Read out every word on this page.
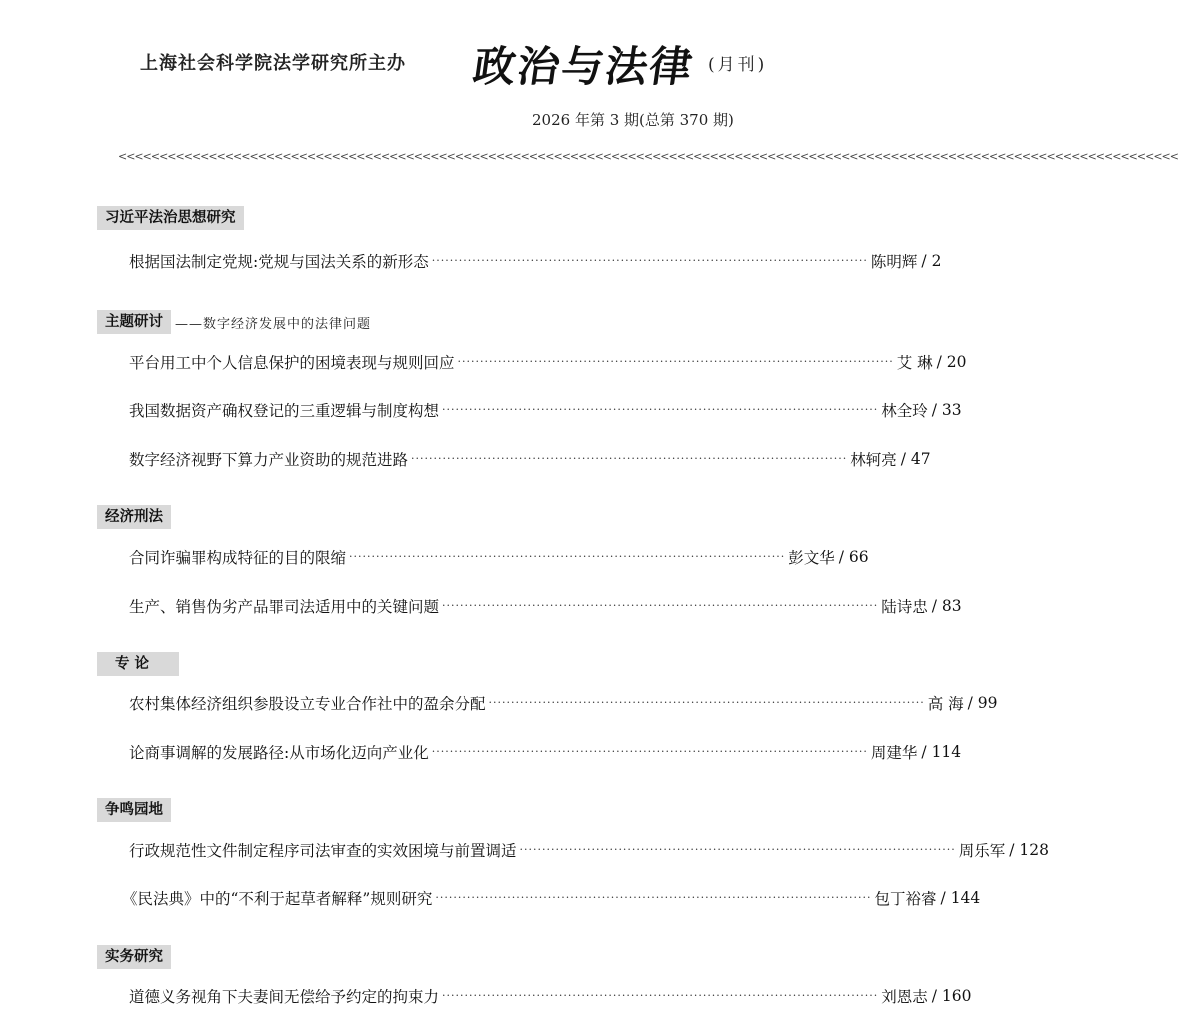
上海社会科学院法学研究所主办 政治与法律 (月刊)
2026 年第 3 期(总第 370 期)
<<<<<<<<<<<<<<<<<<<<<<<<<<<<<<<<<<<<<<<<<<<<<<<<<<<<<<<<<<<<<<<<<<<<<<<<<<<<<<<<<<<<<<<<<<<<<<<<<<<<<<<<<<<<<<<<<<<<<<<<<<<<<<<<<
习近平法治思想研究
根据国法制定党规:党规与国法关系的新形态 ································································································· 陈明辉 / 2
主题研讨 ——数字经济发展中的法律问题
平台用工中个人信息保护的困境表现与规则回应 ································································································· 艾 琳 / 20
我国数据资产确权登记的三重逻辑与制度构想 ································································································· 林全玲 / 33
数字经济视野下算力产业资助的规范进路 ································································································· 林轲亮 / 47
经济刑法
合同诈骗罪构成特征的目的限缩 ································································································· 彭文华 / 66
生产、销售伪劣产品罪司法适用中的关键问题 ································································································· 陆诗忠 / 83
专 论
农村集体经济组织参股设立专业合作社中的盈余分配 ································································································· 高 海 / 99
论商事调解的发展路径:从市场化迈向产业化 ································································································· 周建华 / 114
争鸣园地
行政规范性文件制定程序司法审查的实效困境与前置调适 ································································································· 周乐军 / 128
《民法典》中的“不利于起草者解释”规则研究 ································································································· 包丁裕睿 / 144
实务研究
道德义务视角下夫妻间无偿给予约定的拘束力 ································································································· 刘恩志 / 160
